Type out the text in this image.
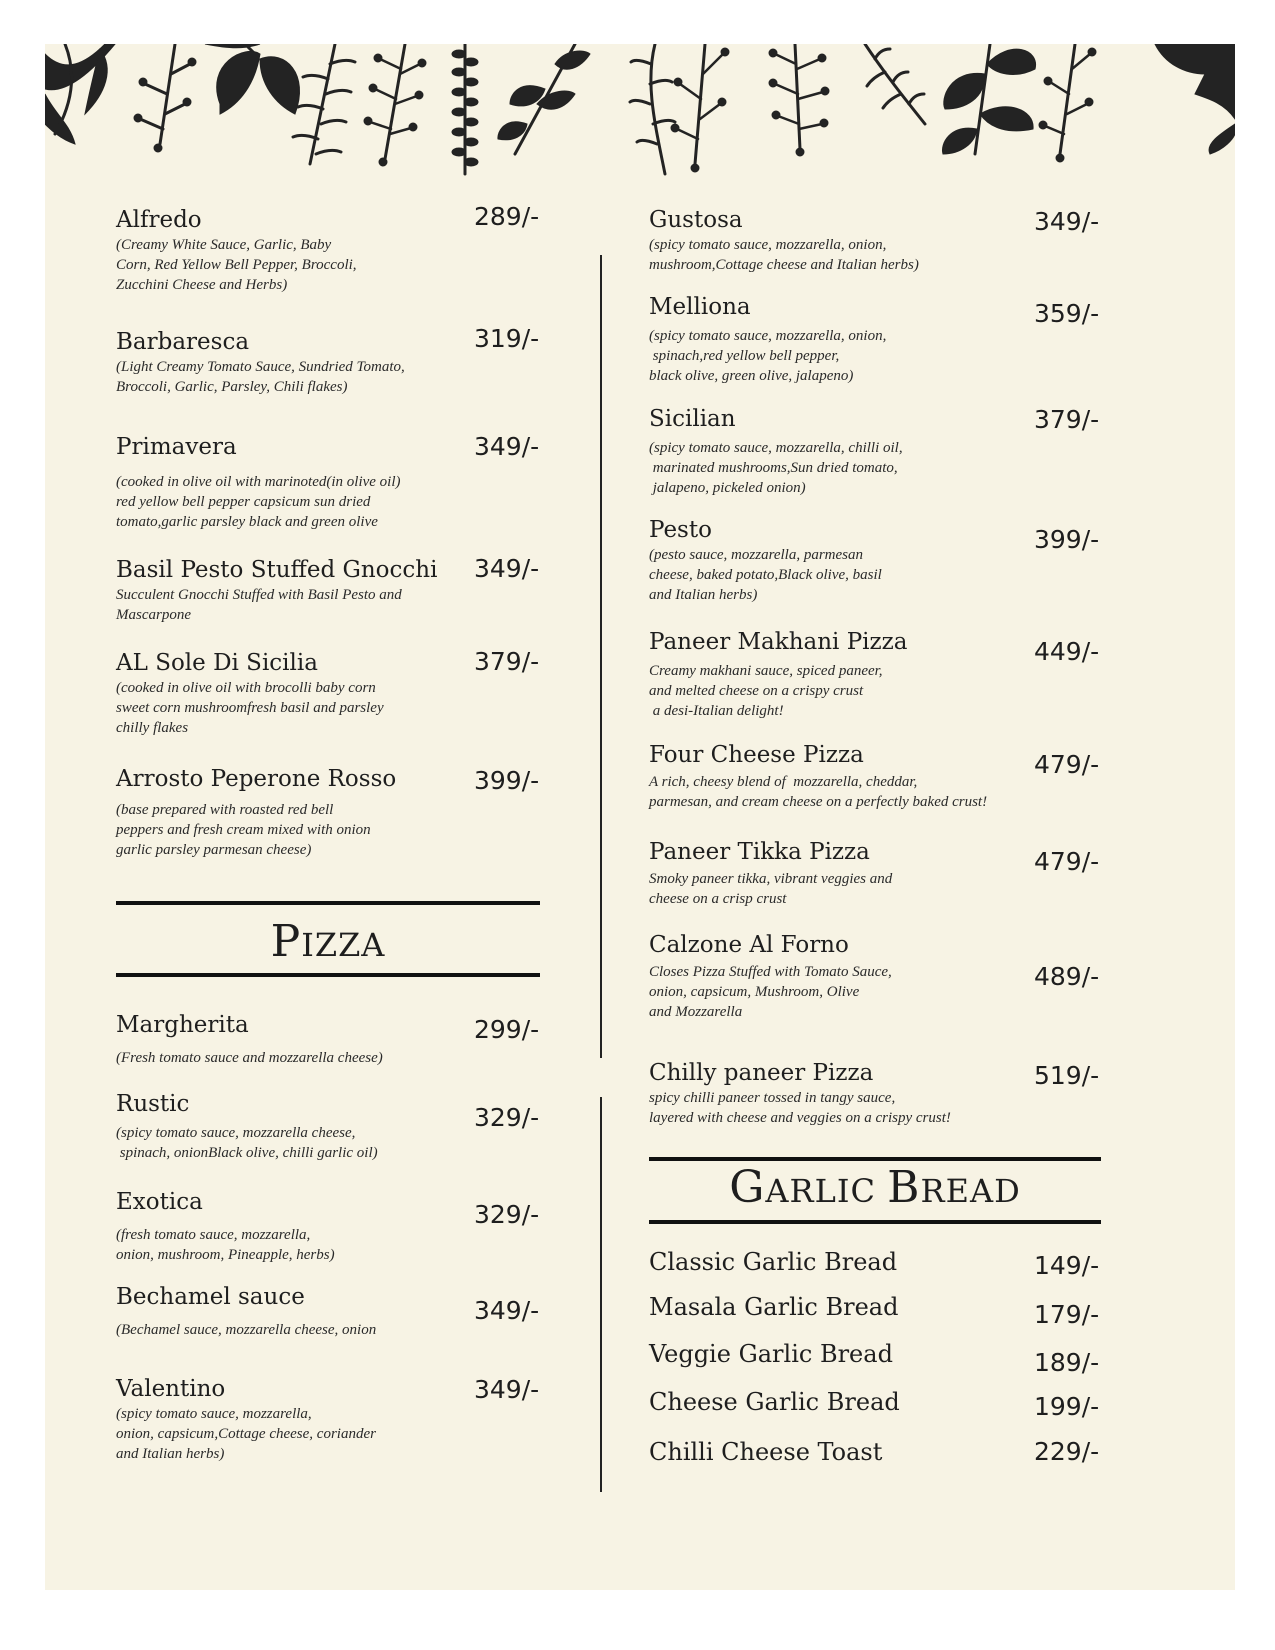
Alfredo
(Creamy White Sauce, Garlic, Baby
Corn, Red Yellow Bell Pepper, Broccoli,
Zucchini Cheese and Herbs)
289/-
Barbaresca
(Light Creamy Tomato Sauce, Sundried Tomato,
Broccoli, Garlic, Parsley, Chili flakes)
319/-
Primavera
(cooked in olive oil with marinoted(in olive oil)
red yellow bell pepper capsicum sun dried
tomato,garlic parsley black and green olive
349/-
Basil Pesto Stuffed Gnocchi
Succulent Gnocchi Stuffed with Basil Pesto and
Mascarpone
349/-
AL Sole Di Sicilia
(cooked in olive oil with brocolli baby corn
sweet corn mushroomfresh basil and parsley
chilly flakes
379/-
Arrosto Peperone Rosso
(base prepared with roasted red bell
peppers and fresh cream mixed with onion
garlic parsley parmesan cheese)
399/-
PIZZA
Margherita
(Fresh tomato sauce and mozzarella cheese)
299/-
Rustic
(spicy tomato sauce, mozzarella cheese,
spinach, onionBlack olive, chilli garlic oil)
329/-
Exotica
(fresh tomato sauce, mozzarella,
onion, mushroom, Pineapple, herbs)
329/-
Bechamel sauce
(Bechamel sauce, mozzarella cheese, onion
349/-
Valentino
(spicy tomato sauce, mozzarella,
onion, capsicum,Cottage cheese, coriander
and Italian herbs)
349/-
Gustosa
(spicy tomato sauce, mozzarella, onion,
mushroom,Cottage cheese and Italian herbs)
349/-
Melliona
(spicy tomato sauce, mozzarella, onion,
spinach,red yellow bell pepper,
black olive, green olive, jalapeno)
359/-
Sicilian
(spicy tomato sauce, mozzarella, chilli oil,
marinated mushrooms,Sun dried tomato,
jalapeno, pickeled onion)
379/-
Pesto
(pesto sauce, mozzarella, parmesan
cheese, baked potato,Black olive, basil
and Italian herbs)
399/-
Paneer Makhani Pizza
Creamy makhani sauce, spiced paneer,
and melted cheese on a crispy crust
a desi-Italian delight!
449/-
Four Cheese Pizza
A rich, cheesy blend of  mozzarella, cheddar,
parmesan, and cream cheese on a perfectly baked crust!
479/-
Paneer Tikka Pizza
Smoky paneer tikka, vibrant veggies and
cheese on a crisp crust
479/-
Calzone Al Forno
Closes Pizza Stuffed with Tomato Sauce,
onion, capsicum, Mushroom, Olive
and Mozzarella
489/-
Chilly paneer Pizza
spicy chilli paneer tossed in tangy sauce,
layered with cheese and veggies on a crispy crust!
519/-
GARLIC BREAD
Classic Garlic Bread	149/-
Masala Garlic Bread	179/-
Veggie Garlic Bread	189/-
Cheese Garlic Bread	199/-
Chilli Cheese Toast	229/-
